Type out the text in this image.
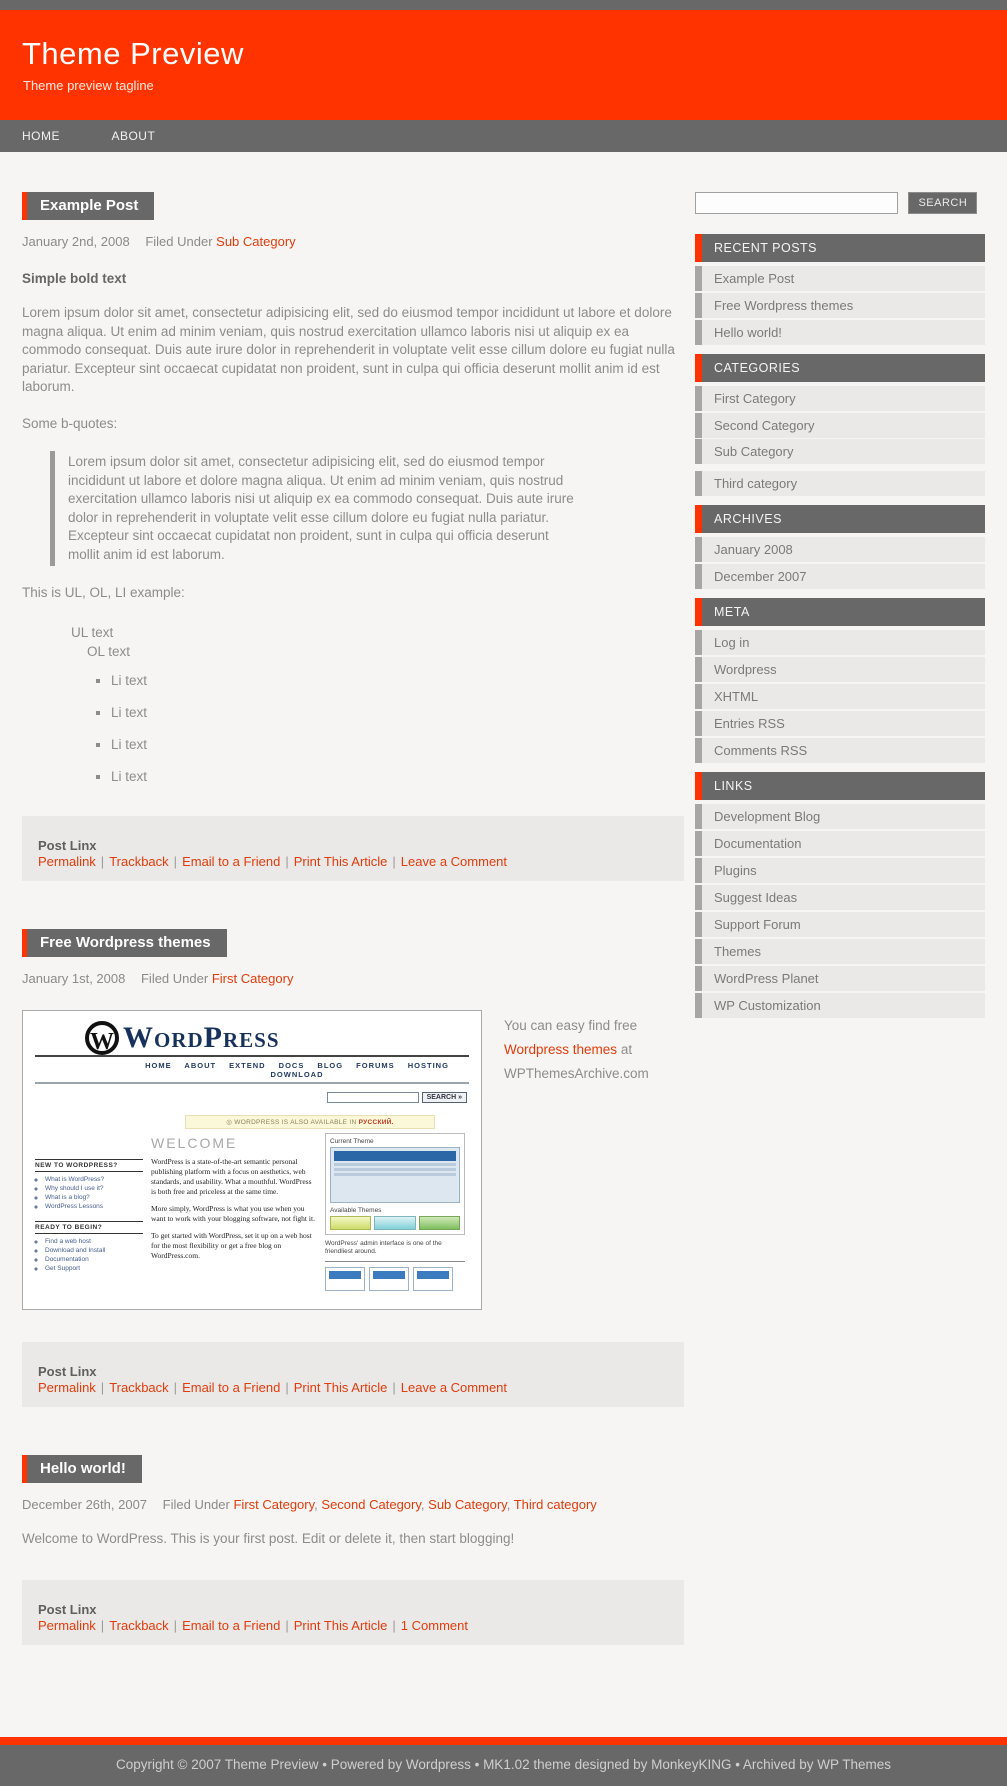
Theme Preview

Theme preview tagline

HOME	ABOUT
Example Post
January 2nd, 2008 Filed Under Sub Category

Simple bold text

Lorem ipsum dolor sit amet, consectetur adipisicing elit, sed do eiusmod tempor incididunt ut labore et dolore magna aliqua. Ut enim ad minim veniam, quis nostrud exercitation ullamco laboris nisi ut aliquip ex ea commodo consequat. Duis aute irure dolor in reprehenderit in voluptate velit esse cillum dolore eu fugiat nulla pariatur. Excepteur sint occaecat cupidatat non proident, sunt in culpa qui officia deserunt mollit anim id est laborum.

Some b-quotes:

Lorem ipsum dolor sit amet, consectetur adipisicing elit, sed do eiusmod tempor incididunt ut labore et dolore magna aliqua. Ut enim ad minim veniam, quis nostrud exercitation ullamco laboris nisi ut aliquip ex ea commodo consequat. Duis aute irure dolor in reprehenderit in voluptate velit esse cillum dolore eu fugiat nulla pariatur. Excepteur sint occaecat cupidatat non proident, sunt in culpa qui officia deserunt mollit anim id est laborum.

This is UL, OL, LI example:

UL text
OL text
▪ Li text
▪ Li text
▪ Li text
▪ Li text
Post Linx
Permalink | Trackback | Email to a Friend | Print This Article | Leave a Comment
Free Wordpress themes
January 1st, 2008 Filed Under First Category
W WordPress
HOME ABOUT EXTEND DOCS BLOG FORUMS HOSTING DOWNLOAD
SEARCH »
◎ WORDPRESS IS ALSO AVAILABLE IN РУССКИЙ.
NEW TO WORDPRESS?
◦ What is WordPress?
◦ Why should I use it?
◦ What is a blog?
◦ WordPress Lessons
READY TO BEGIN?
◦ Find a web host
◦ Download and Install
◦ Documentation
◦ Get Support
WELCOME

WordPress is a state-of-the-art semantic personal publishing platform with a focus on aesthetics, web standards, and usability. What a mouthful. WordPress is both free and priceless at the same time.

More simply, WordPress is what you use when you want to work with your blogging software, not fight it.

To get started with WordPress, set it up on a web host for the most flexibility or get a free blog on WordPress.com.

Current Theme
Available Themes

WordPress' admin interface is one of the friendliest around.

You can easy find free Wordpress themes at WPThemesArchive.com
Post Linx
Permalink | Trackback | Email to a Friend | Print This Article | Leave a Comment
Hello world!
December 26th, 2007 Filed Under First Category, Second Category, Sub Category, Third category

Welcome to WordPress. This is your first post. Edit or delete it, then start blogging!

Post Linx
Permalink | Trackback | Email to a Friend | Print This Article | 1 Comment
SEARCH
RECENT POSTS
Example Post
Free Wordpress themes
Hello world!
CATEGORIES
First Category
Second Category
Sub Category
Third category
ARCHIVES
January 2008
December 2007
META
Log in
Wordpress
XHTML
Entries RSS
Comments RSS
LINKS
Development Blog
Documentation
Plugins
Suggest Ideas
Support Forum
Themes
WordPress Planet
WP Customization

Copyright © 2007 Theme Preview • Powered by Wordpress • MK1.02 theme designed by MonkeyKING • Archived by WP Themes
